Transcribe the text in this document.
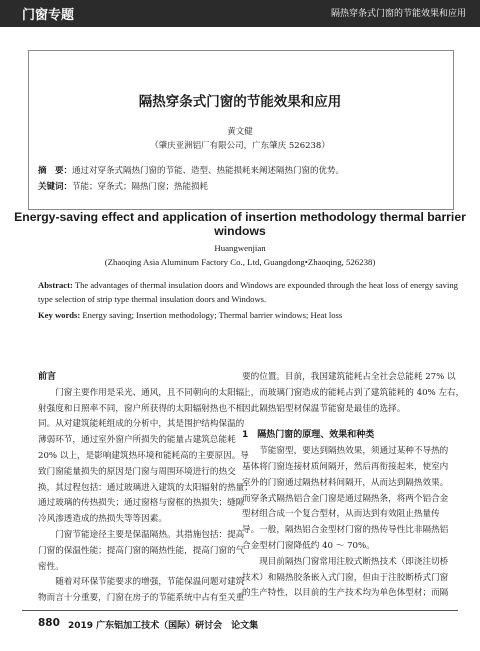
门窗专题	隔热穿条式门窗的节能效果和应用
隔热穿条式门窗的节能效果和应用
黄文健
（肇庆亚洲铝厂有限公司，广东肇庆 526238）
摘　要：通过对穿条式隔热门窗的节能、造型、热能损耗来阐述隔热门窗的优势。
关键词：节能；穿条式；隔热门窗；热能损耗
Energy-saving effect and application of insertion methodology thermal barrier windows
Huangwenjian
(Zhaoqing Asia Aluminum Factory Co., Ltd, Guangdong•Zhaoqing, 526238)
Abstract: The advantages of thermal insulation doors and Windows are expounded through the heat loss of energy saving
type selection of strip type thermal insulation doors and Windows.
Key words: Energy saving; Insertion methodology; Thermal barrier windows; Heat loss
前言
　　门窗主要作用是采光、通风，且不同朝向的太阳辐
射强度和日照率不同，窗户所获得的太阳辐射热也不相
同。从对建筑能耗组成的分析中，其是围护结构保温的
薄弱环节，通过室外窗户所损失的能量占建筑总能耗
20% 以上，是影响建筑热环境和能耗高的主要原因。导
致门窗能量损失的原因是门窗与周围环境进行的热交
换，其过程包括：通过玻璃进入建筑的太阳辐射的热量；
通过玻璃的传热损失；通过窗格与窗框的热损失；缝隙
冷风渗透造成的热损失等等因素。
　　门窗节能途径主要是保温隔热。其措施包括：提高
门窗的保温性能；提高门窗的隔热性能，提高门窗的气
密性。
　　随着对环保节能要求的增强，节能保温问题对建筑
物而言十分重要，门窗在房子的节能系统中占有至关重
要的位置。目前，我国建筑能耗占全社会总能耗 27% 以
上，而玻璃门窗造成的能耗占到了建筑能耗的 40% 左右，
因此隔热铝型材保温节能窗是最佳的选择。
1　隔热门窗的原理、效果和种类
　　节能窗型，要达到隔热效果，须通过某种不导热的
基体将门窗连接材质间隔开，然后再衔接起来，使室内
室外的门窗通过隔热材料间隔开，从而达到隔热效果。
而穿条式隔热铝合金门窗是通过隔热条，将两个铝合金
型材组合成一个复合型材，从而达到有效阻止热量传
导。一般，隔热铝合金型材门窗的热传导性比非隔热铝
合金型材门窗降低约 40 ～ 70%。
　　现目前隔热门窗常用注胶式断热技术（即浇注切桥
技术）和隔热胶条嵌入式门窗，但由于注胶断桥式门窗
的生产特性，以目前的生产技术均为单色体型材；而隔
880 2019 广东铝加工技术（国际）研讨会　论文集
